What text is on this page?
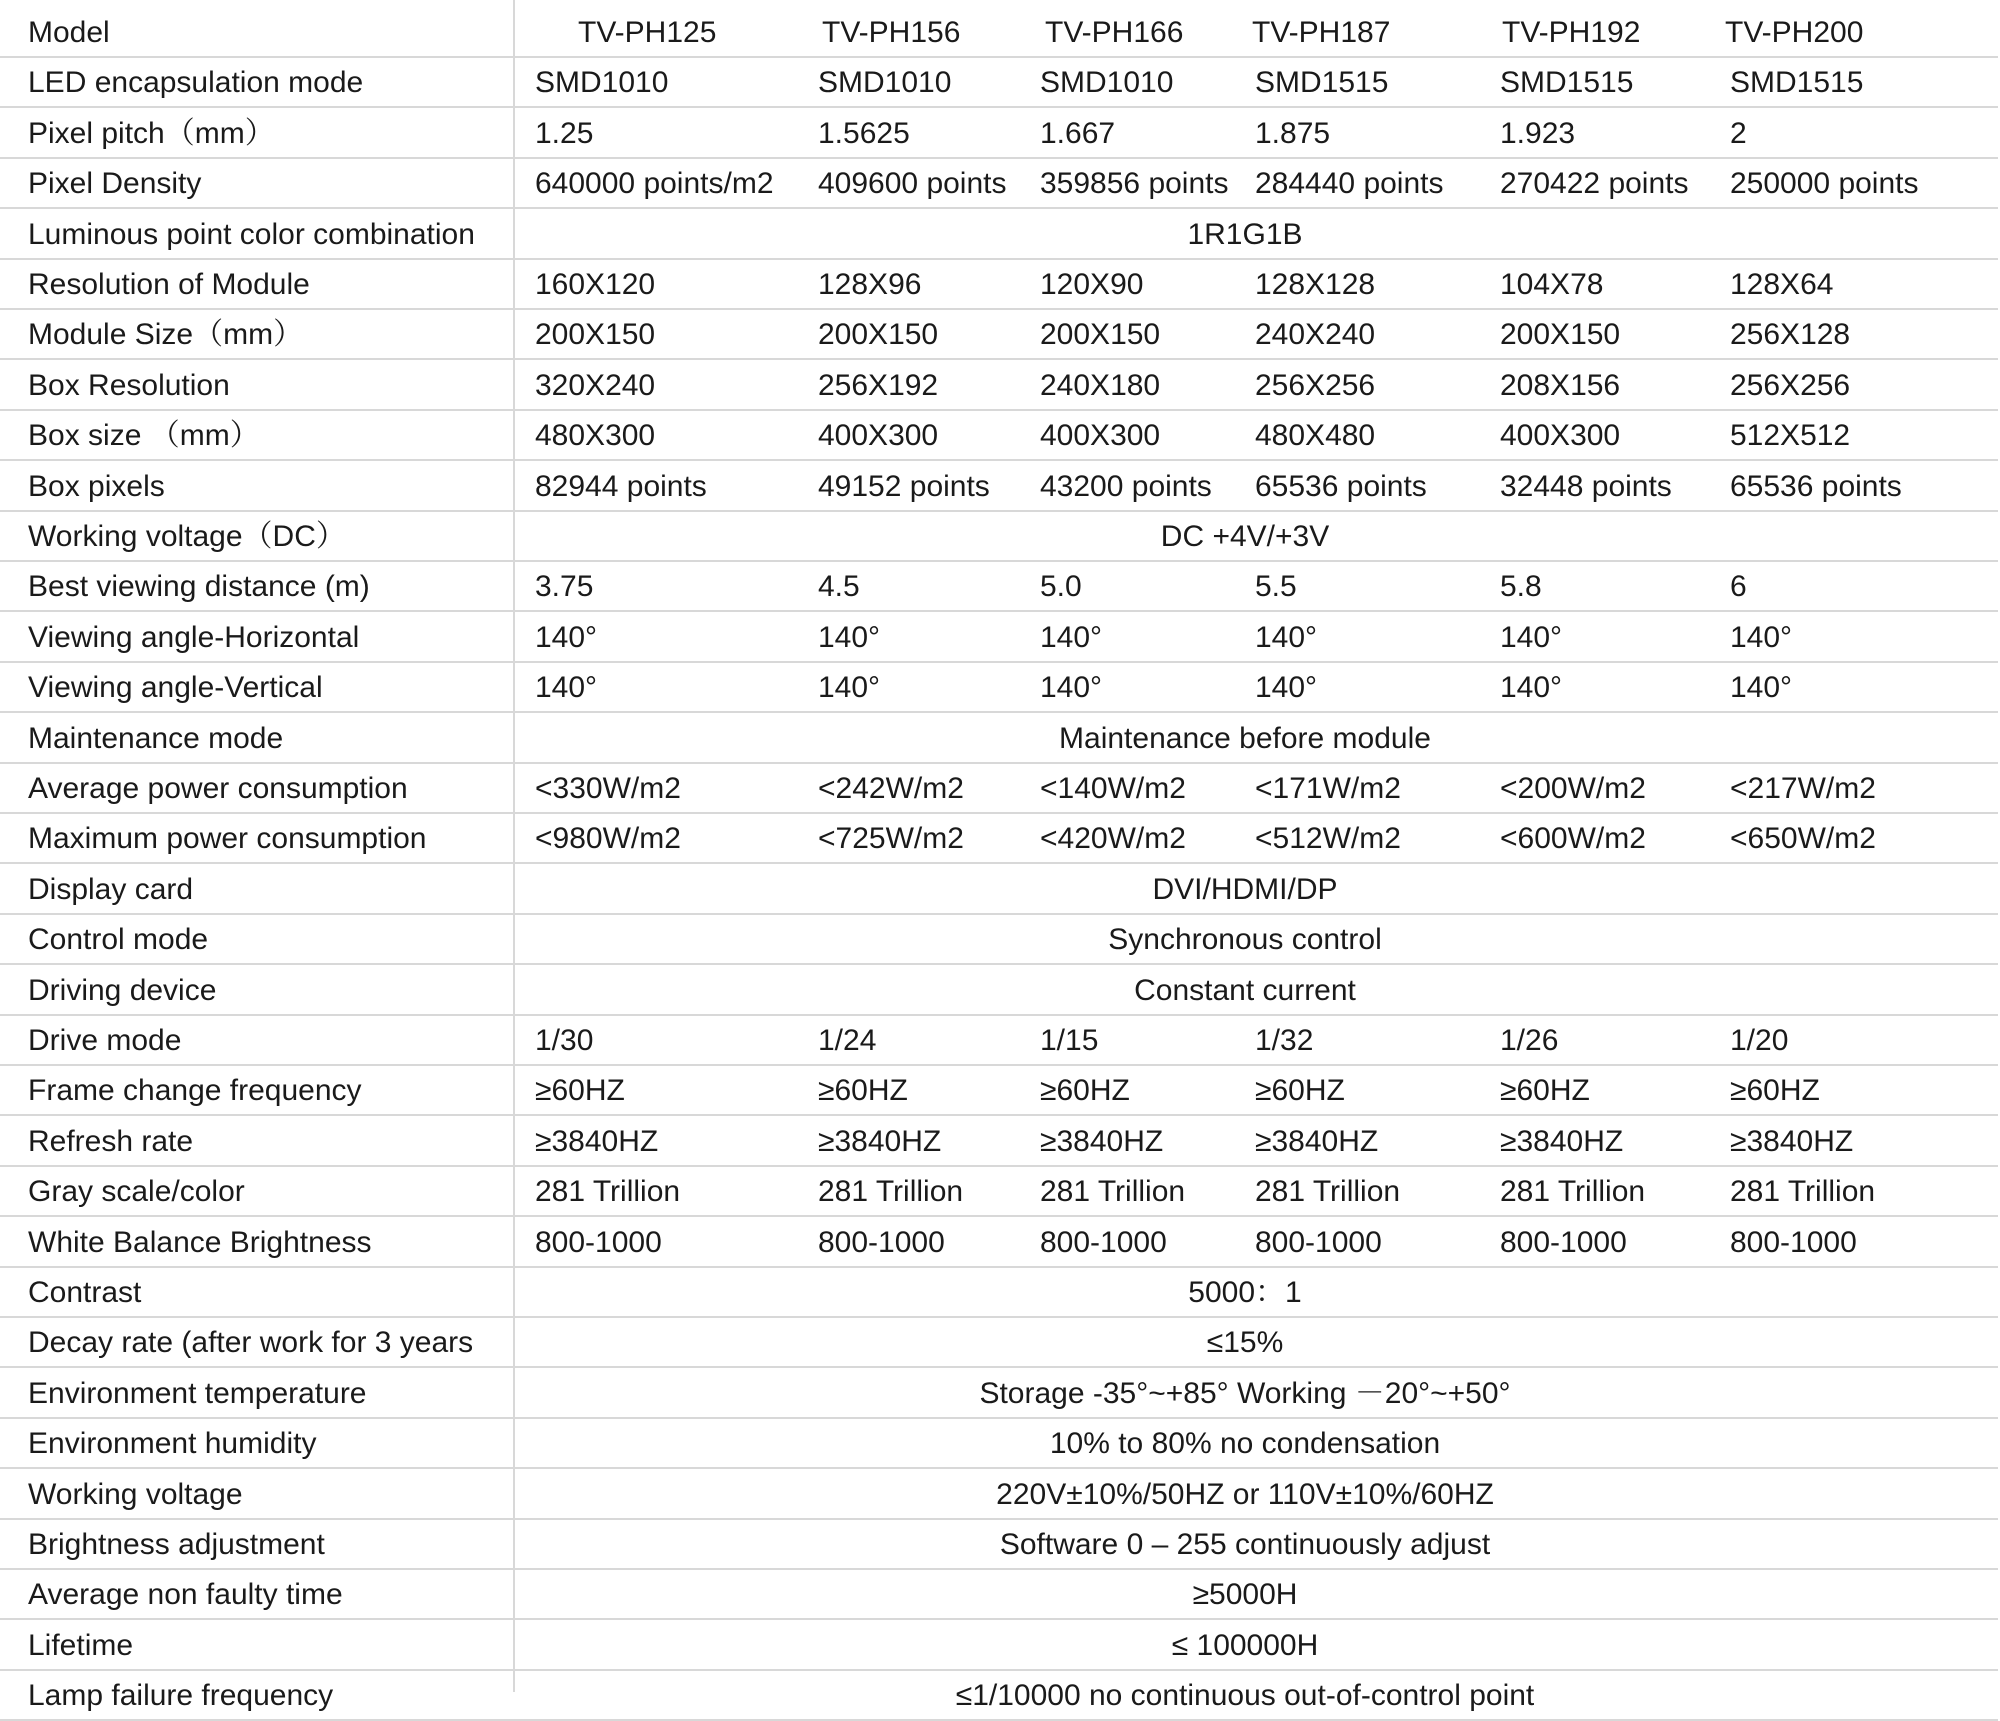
Model	TV-PH125	TV-PH156	TV-PH166 TV-PH187	TV-PH192	TV-PH200
LED encapsulation mode	SMD1010	SMD1010	SMD1010	SMD1515	SMD1515	SMD1515
Pixel pitch（mm）	1.25	1.5625	1.667	1.875	1.923	2
Pixel Density	640000 points/m2 409600 points 359856 points 284440 points 270422 points 250000 points
Luminous point color combination	1R1G1B
Resolution of Module	160X120	128X96	120X90	128X128	104X78	128X64
Module Size（mm）	200X150	200X150	200X150	240X240	200X150	256X128
Box Resolution	320X240	256X192	240X180	256X256	208X156	256X256
Box size （mm）	480X300	400X300	400X300	480X480	400X300	512X512
Box pixels	82944 points	49152 points 43200 points 65536 points 32448 points 65536 points
Working voltage（DC）	DC +4V/+3V
Best viewing distance (m)	3.75	4.5	5.0	5.5	5.8	6
Viewing angle-Horizontal	140°	140°	140°	140°	140°	140°
Viewing angle-Vertical	140°	140°	140°	140°	140°	140°
Maintenance mode	Maintenance before module
Average power consumption	<330W/m2	<242W/m2	<140W/m2 <171W/m2	<200W/m2	<217W/m2
Maximum power consumption	<980W/m2	<725W/m2	<420W/m2 <512W/m2	<600W/m2	<650W/m2
Display card	DVI/HDMI/DP
Control mode	Synchronous control
Driving device	Constant current
Drive mode	1/30	1/24	1/15	1/32	1/26	1/20
Frame change frequency	≥60HZ	≥60HZ	≥60HZ	≥60HZ	≥60HZ	≥60HZ
Refresh rate	≥3840HZ	≥3840HZ	≥3840HZ	≥3840HZ	≥3840HZ	≥3840HZ
Gray scale/color	281 Trillion	281 Trillion	281 Trillion 281 Trillion	281 Trillion	281 Trillion
White Balance Brightness	800-1000	800-1000	800-1000	800-1000	800-1000	800-1000
Contrast	5000：1
Decay rate (after work for 3 years	≤15%
Environment temperature	Storage -35°~+85° Working －20°~+50°
Environment humidity	10% to 80% no condensation
Working voltage	220V±10%/50HZ or 110V±10%/60HZ
Brightness adjustment	Software 0 – 255 continuously adjust
Average non faulty time	≥5000H
Lifetime	≤ 100000H
Lamp failure frequency	≤1/10000 no continuous out-of-control point
